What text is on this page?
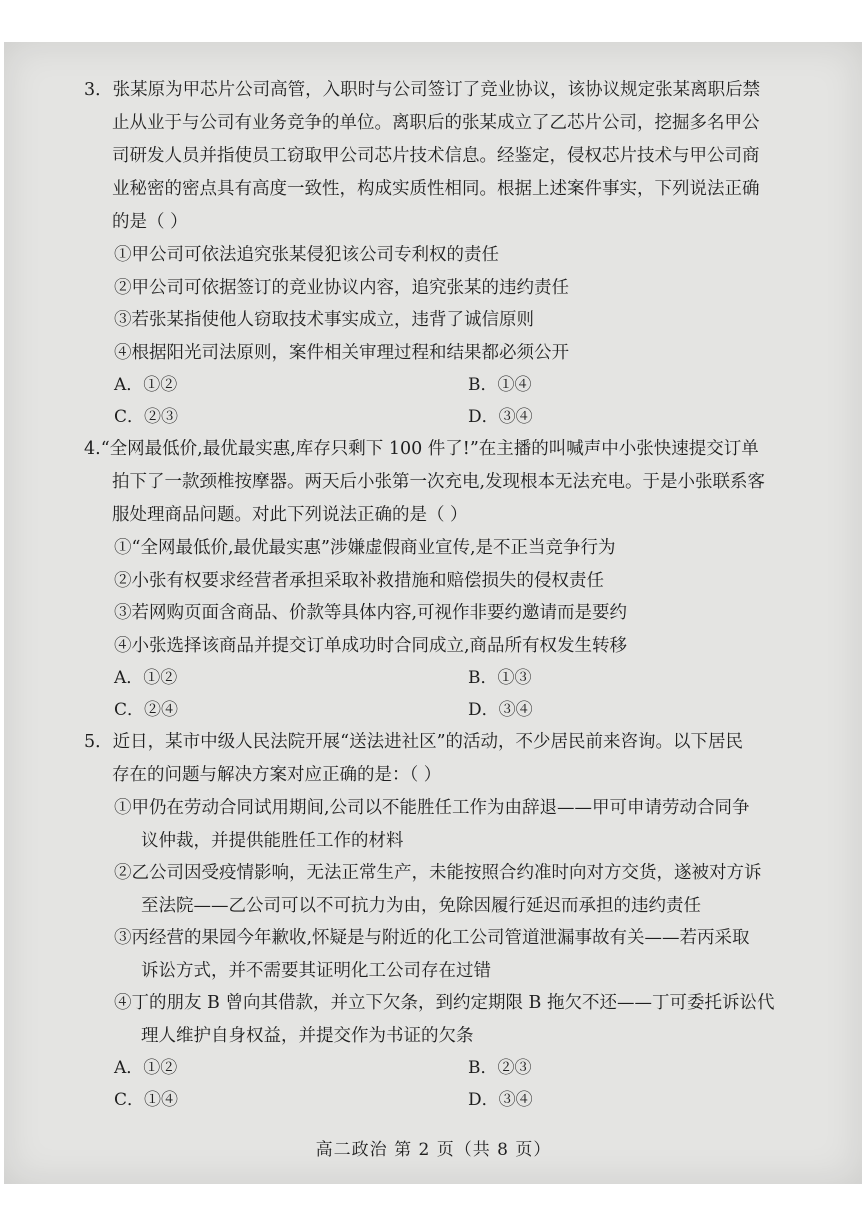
3．张某原为甲芯片公司高管，入职时与公司签订了竞业协议，该协议规定张某离职后禁
止从业于与公司有业务竞争的单位。离职后的张某成立了乙芯片公司，挖掘多名甲公
司研发人员并指使员工窃取甲公司芯片技术信息。经鉴定，侵权芯片技术与甲公司商
业秘密的密点具有高度一致性，构成实质性相同。根据上述案件事实，下列说法正确
的是（ ）
①甲公司可依法追究张某侵犯该公司专利权的责任
②甲公司可依据签订的竞业协议内容，追究张某的违约责任
③若张某指使他人窃取技术事实成立，违背了诚信原则
④根据阳光司法原则，案件相关审理过程和结果都必须公开
A．①②	B．①④
C．②③	D．③④
4.“全网最低价,最优最实惠,库存只剩下 100 件了!”在主播的叫喊声中小张快速提交订单
拍下了一款颈椎按摩器。两天后小张第一次充电,发现根本无法充电。于是小张联系客
服处理商品问题。对此下列说法正确的是（ ）
①“全网最低价,最优最实惠”涉嫌虚假商业宣传,是不正当竞争行为
②小张有权要求经营者承担采取补救措施和赔偿损失的侵权责任
③若网购页面含商品、价款等具体内容,可视作非要约邀请而是要约
④小张选择该商品并提交订单成功时合同成立,商品所有权发生转移
A．①②	B．①③
C．②④	D．③④
5．近日，某市中级人民法院开展“送法进社区”的活动，不少居民前来咨询。以下居民
存在的问题与解决方案对应正确的是：（ ）
①甲仍在劳动合同试用期间,公司以不能胜任工作为由辞退——甲可申请劳动合同争
议仲裁，并提供能胜任工作的材料
②乙公司因受疫情影响，无法正常生产，未能按照合约准时向对方交货，遂被对方诉
至法院——乙公司可以不可抗力为由，免除因履行延迟而承担的违约责任
③丙经营的果园今年歉收,怀疑是与附近的化工公司管道泄漏事故有关——若丙采取
诉讼方式，并不需要其证明化工公司存在过错
④丁的朋友 B 曾向其借款，并立下欠条，到约定期限 B 拖欠不还——丁可委托诉讼代
理人维护自身权益，并提交作为书证的欠条
A．①②	B．②③
C．①④	D．③④
高二政治 第 2 页（共 8 页）
